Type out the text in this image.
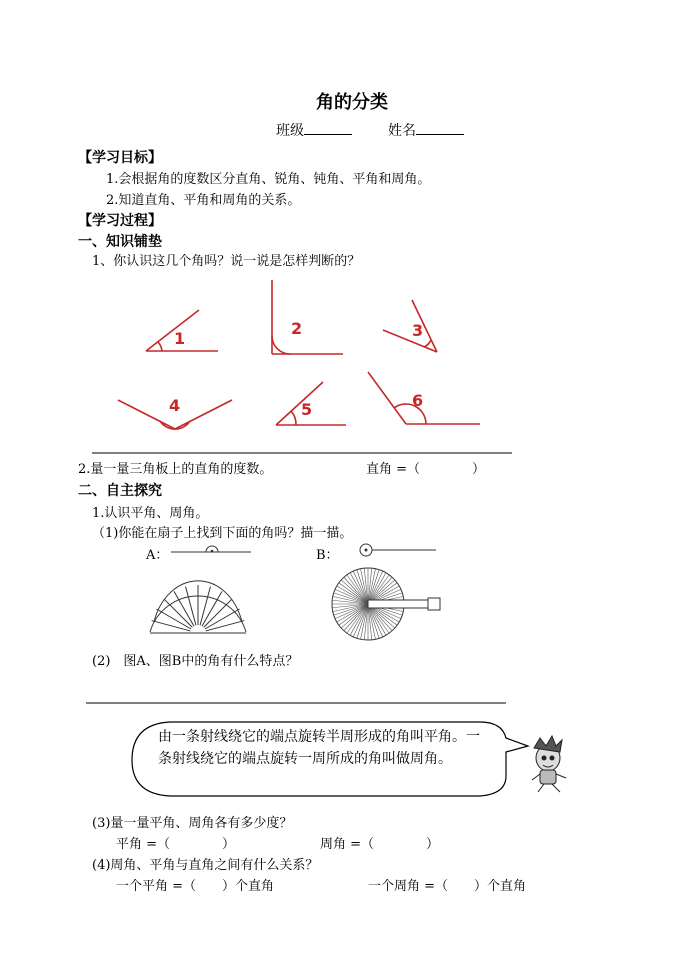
角的分类
班级	姓名
【学习目标】
1.会根据角的度数区分直角、锐角、钝角、平角和周角。
2.知道直角、平角和周角的关系。
【学习过程】
一、知识铺垫
1、你认识这几个角吗？说一说是怎样判断的？
1
2	3
4	5	6
2.量一量三角板上的直角的度数。	直角 =（　　　　）
二、自主探究
1.认识平角、周角。
（1)你能在扇子上找到下面的角吗？描一描。
A：	B：
(2)　图A、图B中的角有什么特点？
由一条射线绕它的端点旋转半周形成的角叫平角。一条射线绕它的端点旋转一周所成的角叫做周角。
(3)量一量平角、周角各有多少度？
平角 =（　　　　）	周角 =（　　　　）
(4)周角、平角与直角之间有什么关系？
一个平角 =（　　）个直角	一个周角 =（　　）个直角
